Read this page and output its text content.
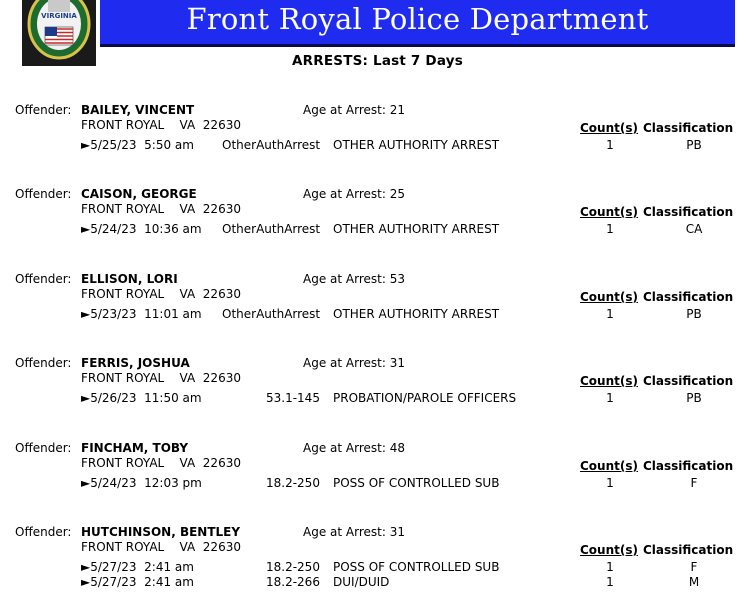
Front Royal Police Department
VIRGINIA
ARRESTS: Last 7 Days
Offender: BAILEY, VINCENT	Age at Arrest: 21
FRONT ROYAL VA 22630	Count(s) Classification
►5/25/23 5:50 am OtherAuthArrest OTHER AUTHORITY ARREST	1	PB
Offender: CAISON, GEORGE	Age at Arrest: 25
FRONT ROYAL VA 22630	Count(s) Classification
►5/24/23 10:36 am OtherAuthArrest OTHER AUTHORITY ARREST	1	CA
Offender: ELLISON, LORI	Age at Arrest: 53
FRONT ROYAL VA 22630	Count(s) Classification
►5/23/23 11:01 am OtherAuthArrest OTHER AUTHORITY ARREST	1	PB
Offender: FERRIS, JOSHUA	Age at Arrest: 31
FRONT ROYAL VA 22630	Count(s) Classification
►5/26/23 11:50 am	53.1-145 PROBATION/PAROLE OFFICERS	1	PB
Offender: FINCHAM, TOBY	Age at Arrest: 48
FRONT ROYAL VA 22630	Count(s) Classification
►5/24/23 12:03 pm	18.2-250 POSS OF CONTROLLED SUB	1	F
Offender: HUTCHINSON, BENTLEY	Age at Arrest: 31
FRONT ROYAL VA 22630	Count(s) Classification
►5/27/23 2:41 am	18.2-250 POSS OF CONTROLLED SUB	1	F
►5/27/23 2:41 am	18.2-266 DUI/DUID	1	M
